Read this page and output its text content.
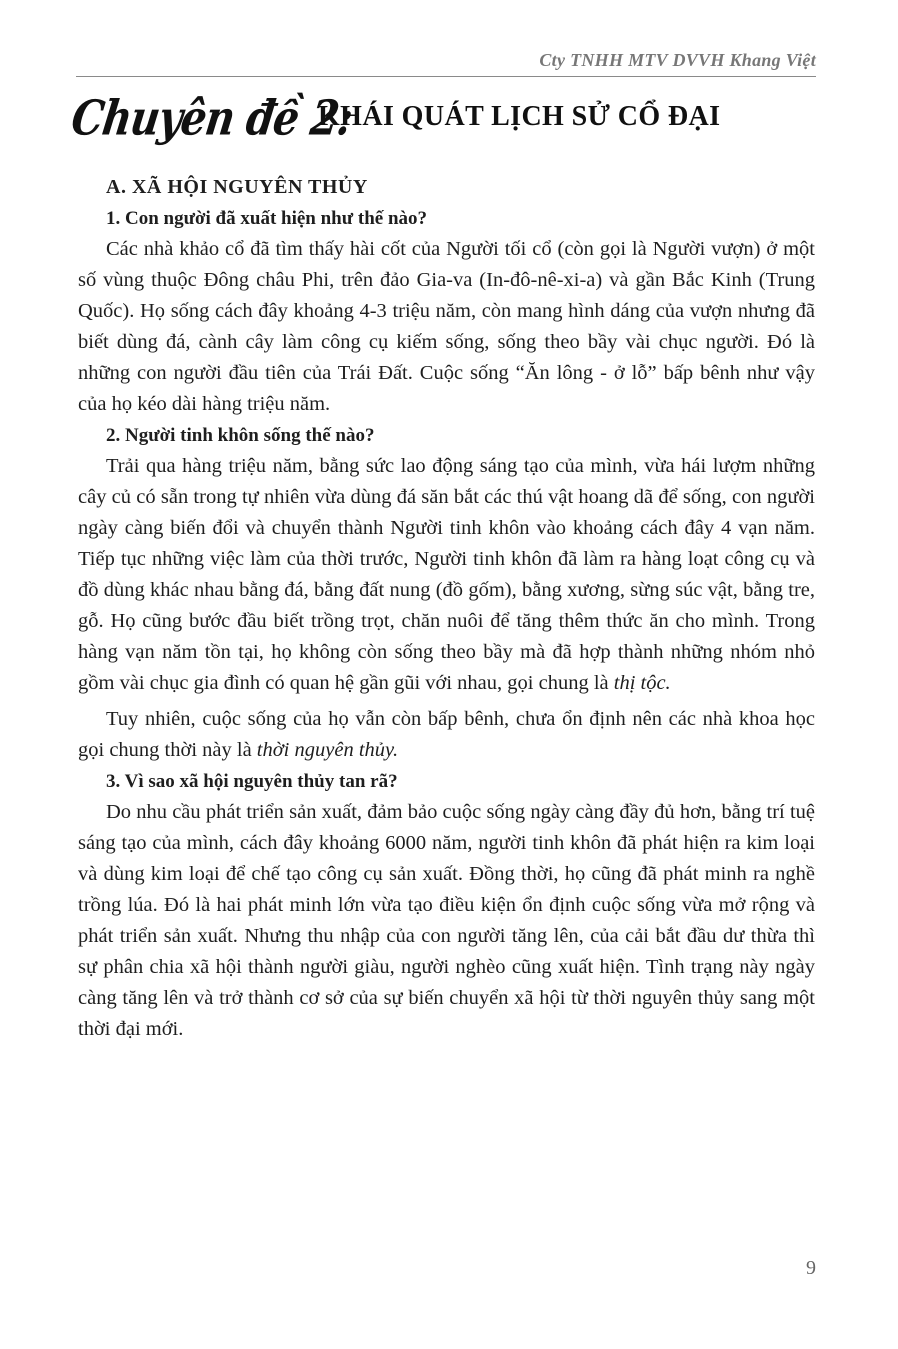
Cty TNHH MTV DVVH Khang Việt
Chuyên đề 2:
KHÁI QUÁT LỊCH SỬ CỔ ĐẠI
A. XÃ HỘI NGUYÊN THỦY
1. Con người đã xuất hiện như thế nào?

Các nhà khảo cổ đã tìm thấy hài cốt của Người tối cổ (còn gọi là Người vượn) ở một số vùng thuộc Đông châu Phi, trên đảo Gia-va (In-đô-nê-xi-a) và gần Bắc Kinh (Trung Quốc). Họ sống cách đây khoảng 4-3 triệu năm, còn mang hình dáng của vượn nhưng đã biết dùng đá, cành cây làm công cụ kiếm sống, sống theo bầy vài chục người. Đó là những con người đầu tiên của Trái Đất. Cuộc sống “Ăn lông - ở lỗ” bấp bênh như vậy của họ kéo dài hàng triệu năm.

2. Người tinh khôn sống thế nào?

Trải qua hàng triệu năm, bằng sức lao động sáng tạo của mình, vừa hái lượm những cây củ có sẵn trong tự nhiên vừa dùng đá săn bắt các thú vật hoang dã để sống, con người ngày càng biến đổi và chuyển thành Người tinh khôn vào khoảng cách đây 4 vạn năm. Tiếp tục những việc làm của thời trước, Người tinh khôn đã làm ra hàng loạt công cụ và đồ dùng khác nhau bằng đá, bằng đất nung (đồ gốm), bằng xương, sừng súc vật, bằng tre, gỗ. Họ cũng bước đầu biết trồng trọt, chăn nuôi để tăng thêm thức ăn cho mình. Trong hàng vạn năm tồn tại, họ không còn sống theo bầy mà đã hợp thành những nhóm nhỏ gồm vài chục gia đình có quan hệ gần gũi với nhau, gọi chung là thị tộc.

Tuy nhiên, cuộc sống của họ vẫn còn bấp bênh, chưa ổn định nên các nhà khoa học gọi chung thời này là thời nguyên thủy.

3. Vì sao xã hội nguyên thủy tan rã?

Do nhu cầu phát triển sản xuất, đảm bảo cuộc sống ngày càng đầy đủ hơn, bằng trí tuệ sáng tạo của mình, cách đây khoảng 6000 năm, người tinh khôn đã phát hiện ra kim loại và dùng kim loại để chế tạo công cụ sản xuất. Đồng thời, họ cũng đã phát minh ra nghề trồng lúa. Đó là hai phát minh lớn vừa tạo điều kiện ổn định cuộc sống vừa mở rộng và phát triển sản xuất. Nhưng thu nhập của con người tăng lên, của cải bắt đầu dư thừa thì sự phân chia xã hội thành người giàu, người nghèo cũng xuất hiện. Tình trạng này ngày càng tăng lên và trở thành cơ sở của sự biến chuyển xã hội từ thời nguyên thủy sang một thời đại mới.

9
